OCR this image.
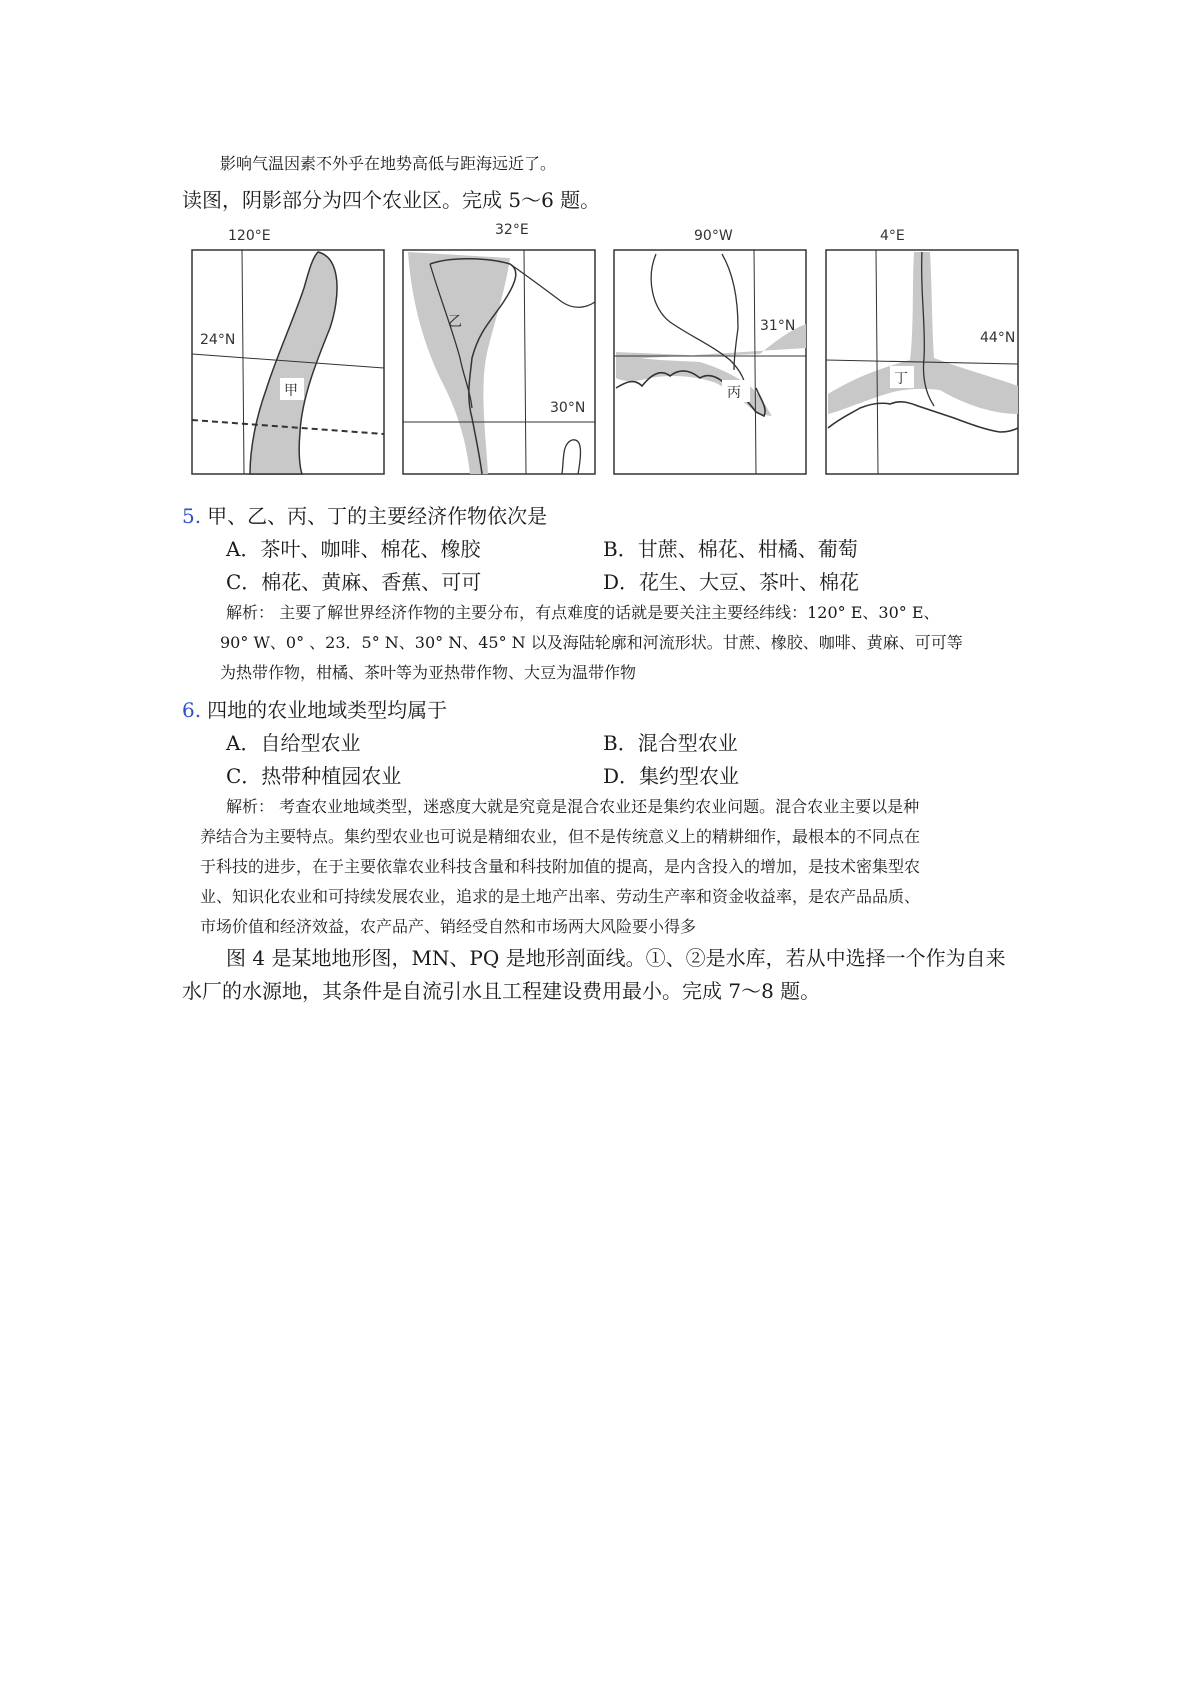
影响气温因素不外乎在地势高低与距海远近了。
读图，阴影部分为四个农业区。完成 5～6 题。
120°E
24°N
甲
32°E
30°N
乙
90°W
31°N
丙
4°E
44°N
丁
5. 甲、乙、丙、丁的主要经济作物依次是
A．茶叶、咖啡、棉花、橡胶	B．甘蔗、棉花、柑橘、葡萄
C．棉花、黄麻、香蕉、可可	D．花生、大豆、茶叶、棉花
解析： 主要了解世界经济作物的主要分布，有点难度的话就是要关注主要经纬线：120° E、30° E、
90° W、0° 、23．5° N、30° N、45° N 以及海陆轮廓和河流形状。甘蔗、橡胶、咖啡、黄麻、可可等
为热带作物，柑橘、茶叶等为亚热带作物、大豆为温带作物
6. 四地的农业地域类型均属于
A．自给型农业	B．混合型农业
C．热带种植园农业	D．集约型农业
解析： 考查农业地域类型，迷惑度大就是究竟是混合农业还是集约农业问题。混合农业主要以是种
养结合为主要特点。集约型农业也可说是精细农业，但不是传统意义上的精耕细作，最根本的不同点在
于科技的进步，在于主要依靠农业科技含量和科技附加值的提高，是内含投入的增加，是技术密集型农
业、知识化农业和可持续发展农业，追求的是土地产出率、劳动生产率和资金收益率，是农产品品质、
市场价值和经济效益，农产品产、销经受自然和市场两大风险要小得多
图 4 是某地地形图，MN、PQ 是地形剖面线。①、②是水库，若从中选择一个作为自来
水厂的水源地，其条件是自流引水且工程建设费用最小。完成 7～8 题。
